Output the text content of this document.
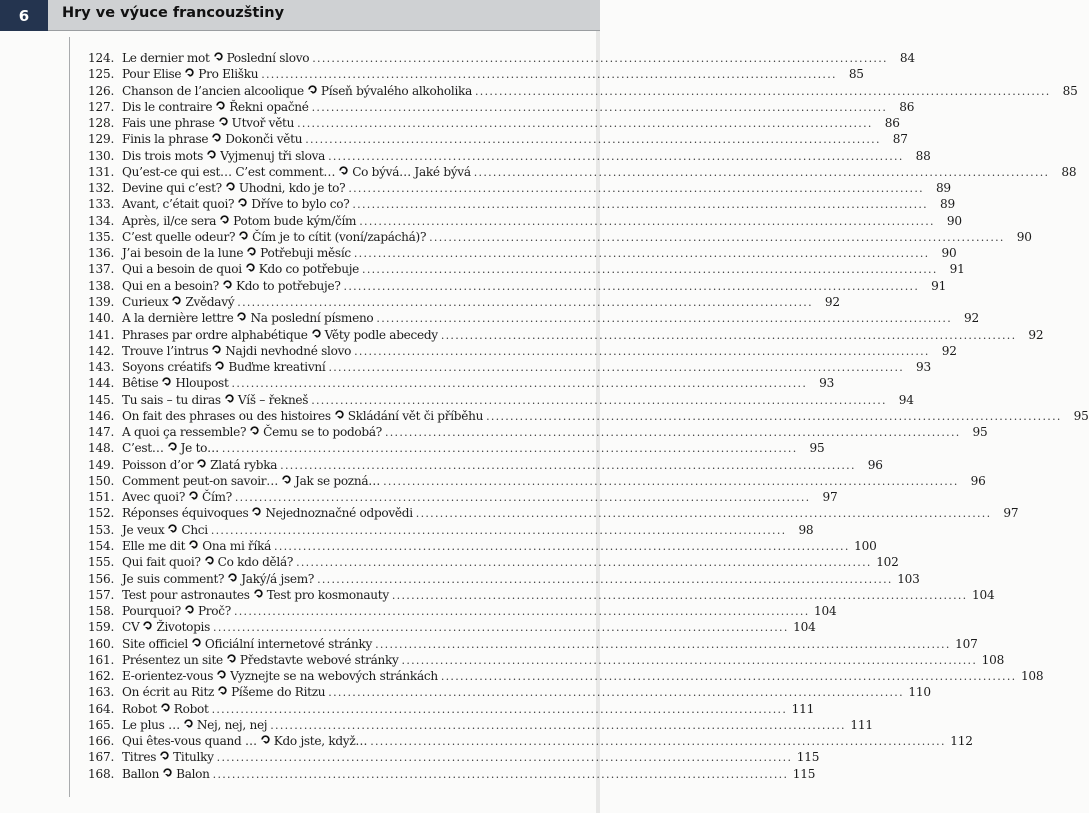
6	Hry ve výuce francouzštiny
124. Le dernier mot Poslední slovo ........................................................................................................................ 84
125. Pour Elise Pro Elišku ........................................................................................................................ 85
126. Chanson de l’ancien alcoolique Píseň bývalého alkoholika ........................................................................................................................ 85
127. Dis le contraire Řekni opačné ........................................................................................................................ 86
128. Fais une phrase Utvoř větu ........................................................................................................................ 86
129. Finis la phrase Dokonči větu ........................................................................................................................ 87
130. Dis trois mots Vyjmenuj tři slova ........................................................................................................................ 88
131. Qu’est-ce qui est… C’est comment… Co bývá… Jaké bývá ........................................................................................................................ 88
132. Devine qui c’est? Uhodni, kdo je to? ........................................................................................................................ 89
133. Avant, c’était quoi? Dříve to bylo co? ........................................................................................................................ 89
134. Après, il/ce sera Potom bude kým/čím ........................................................................................................................ 90
135. C’est quelle odeur? Čím je to cítit (voní/zapáchá)? ........................................................................................................................ 90
136. J’ai besoin de la lune Potřebuji měsíc ........................................................................................................................ 90
137. Qui a besoin de quoi Kdo co potřebuje ........................................................................................................................ 91
138. Qui en a besoin? Kdo to potřebuje? ........................................................................................................................ 91
139. Curieux Zvědavý ........................................................................................................................ 92
140. A la dernière lettre Na poslední písmeno ........................................................................................................................ 92
141. Phrases par ordre alphabétique Věty podle abecedy ........................................................................................................................ 92
142. Trouve l’intrus Najdi nevhodné slovo ........................................................................................................................ 92
143. Soyons créatifs Buďme kreativní ........................................................................................................................ 93
144. Bêtise Hloupost ........................................................................................................................ 93
145. Tu sais – tu diras Víš – řekneš ........................................................................................................................ 94
146. On fait des phrases ou des histoires Skládání vět či příběhu ........................................................................................................................ 95
147. A quoi ça ressemble? Čemu se to podobá? ........................................................................................................................ 95
148. C’est… Je to… ........................................................................................................................ 95
149. Poisson d’or Zlatá rybka ........................................................................................................................ 96
150. Comment peut-on savoir… Jak se pozná… ........................................................................................................................ 96
151. Avec quoi? Čím? ........................................................................................................................ 97
152. Réponses équivoques Nejednoznačné odpovědi ........................................................................................................................ 97
153. Je veux Chci ........................................................................................................................ 98
154. Elle me dit Ona mi říká ........................................................................................................................ 100
155. Qui fait quoi? Co kdo dělá? ........................................................................................................................ 102
156. Je suis comment? Jaký/á jsem? ........................................................................................................................ 103
157. Test pour astronautes Test pro kosmonauty ........................................................................................................................ 104
158. Pourquoi? Proč? ........................................................................................................................ 104
159. CV Životopis ........................................................................................................................ 104
160. Site officiel Oficiální internetové stránky ........................................................................................................................ 107
161. Présentez un site Představte webové stránky ........................................................................................................................ 108
162. E-orientez-vous Vyznejte se na webových stránkách ........................................................................................................................ 108
163. On écrit au Ritz Píšeme do Ritzu ........................................................................................................................ 110
164. Robot Robot ........................................................................................................................ 111
165. Le plus … Nej, nej, nej ........................................................................................................................ 111
166. Qui êtes-vous quand … Kdo jste, když… ........................................................................................................................ 112
167. Titres Titulky ........................................................................................................................ 115
168. Ballon Balon ........................................................................................................................ 115
